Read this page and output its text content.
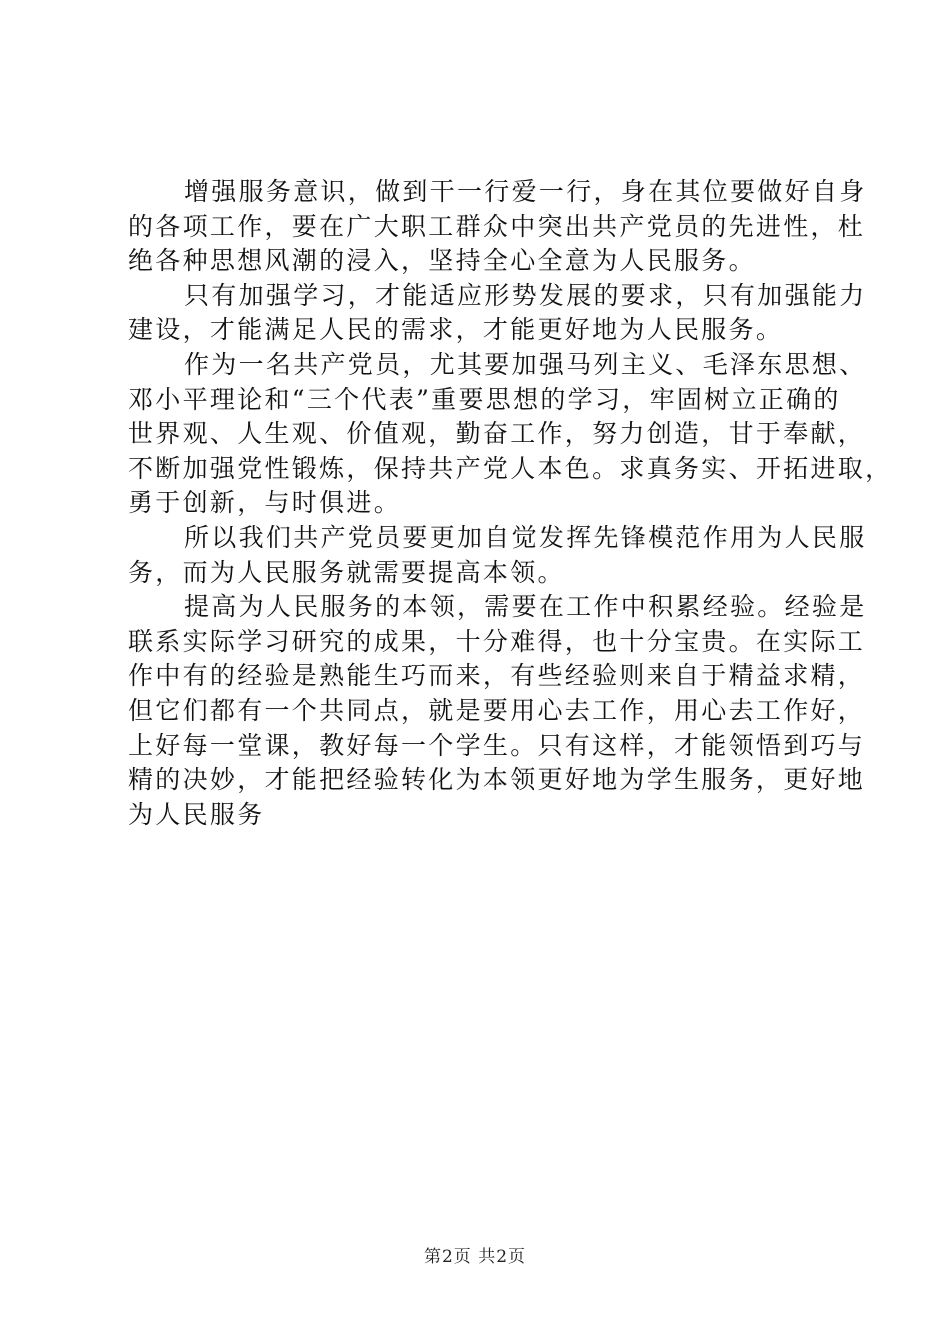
增强服务意识，做到干一行爱一行，身在其位要做好自身
的各项工作，要在广大职工群众中突出共产党员的先进性，杜
绝各种思想风潮的浸入，坚持全心全意为人民服务。

只有加强学习，才能适应形势发展的要求，只有加强能力
建设，才能满足人民的需求，才能更好地为人民服务。

作为一名共产党员，尤其要加强马列主义、毛泽东思想、
邓小平理论和“三个代表”重要思想的学习，牢固树立正确的
世界观、人生观、价值观，勤奋工作，努力创造，甘于奉献，
不断加强党性锻炼，保持共产党人本色。求真务实、开拓进取，
勇于创新，与时俱进。

所以我们共产党员要更加自觉发挥先锋模范作用为人民服
务，而为人民服务就需要提高本领。

提高为人民服务的本领，需要在工作中积累经验。经验是
联系实际学习研究的成果，十分难得，也十分宝贵。在实际工
作中有的经验是熟能生巧而来，有些经验则来自于精益求精，
但它们都有一个共同点，就是要用心去工作，用心去工作好，
上好每一堂课，教好每一个学生。只有这样，才能领悟到巧与
精的决妙，才能把经验转化为本领更好地为学生服务，更好地
为人民服务

第2页 共2页
